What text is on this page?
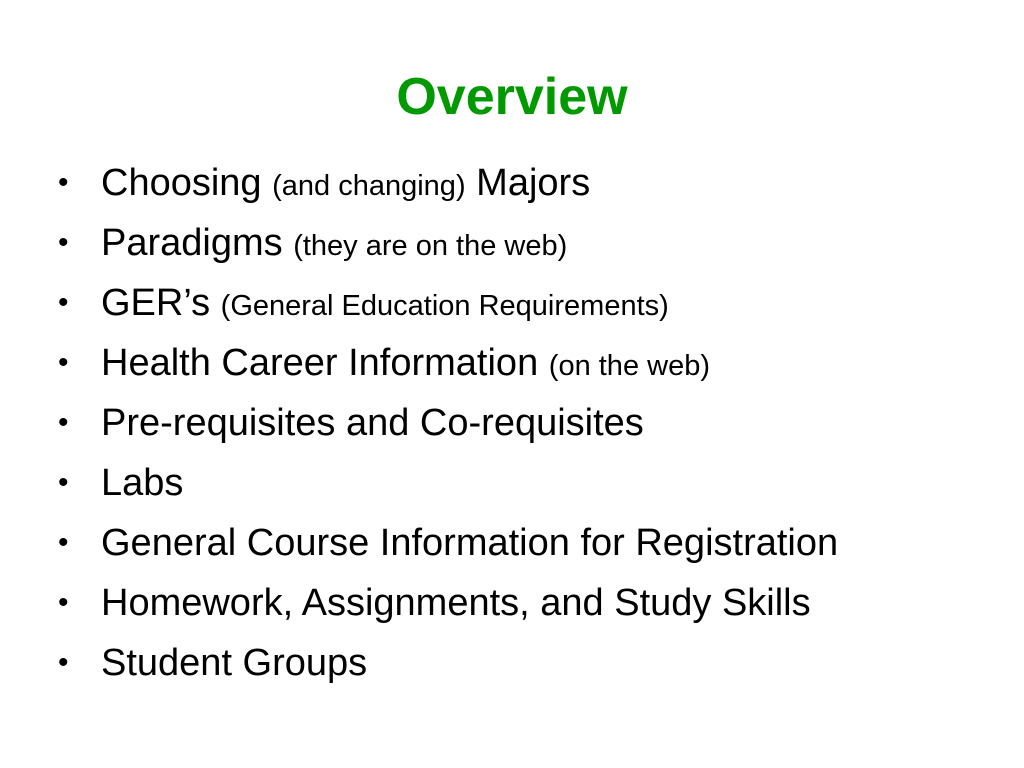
Overview
• Choosing (and changing) Majors
• Paradigms (they are on the web)
• GER’s (General Education Requirements)
• Health Career Information (on the web)
• Pre-requisites and Co-requisites
• Labs
• General Course Information for Registration
• Homework, Assignments, and Study Skills
• Student Groups
